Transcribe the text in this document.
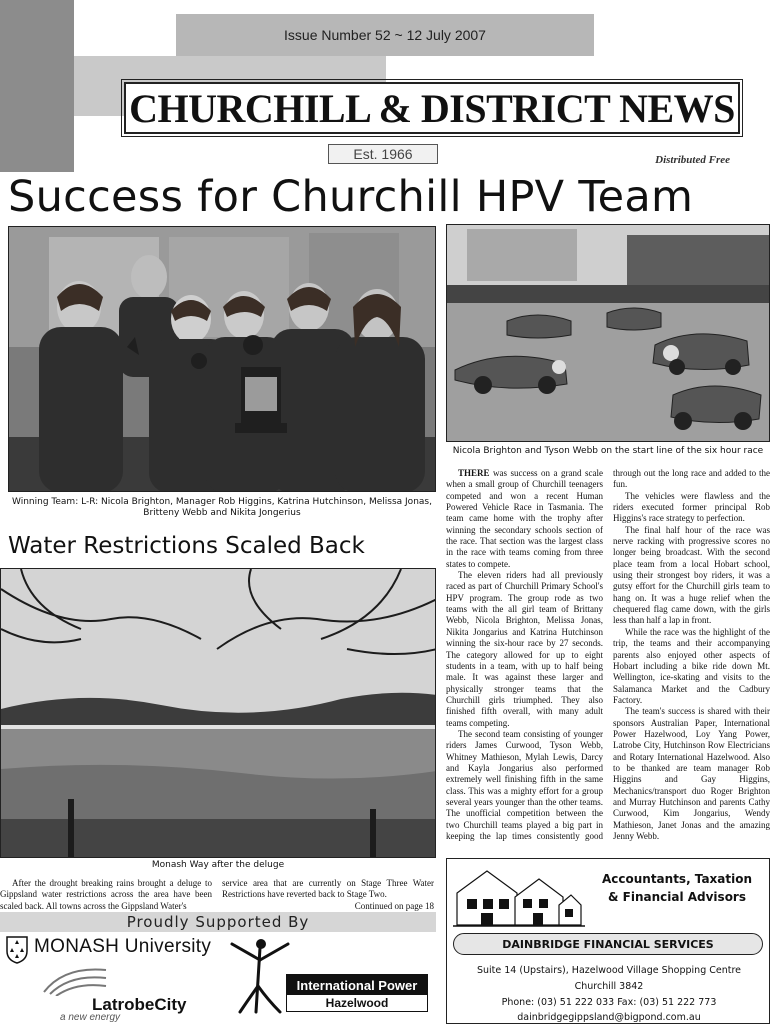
Issue Number 52 ~ 12 July 2007
CHURCHILL & DISTRICT NEWS
Est. 1966	Distributed Free
Success for Churchill HPV Team
Winning Team: L-R: Nicola Brighton, Manager Rob Higgins, Katrina Hutchinson, Melissa Jonas, Britteny Webb and Nikita Jongerius
Nicola Brighton and Tyson Webb on the start line of the six hour race

THERE was success on a grand scale when a small group of Churchill teenagers competed and won a recent Human Powered Vehicle Race in Tasmania. The team came home with the trophy after winning the secondary schools section of the race. That section was the largest class in the race with teams coming from three states to compete.

The eleven riders had all previously raced as part of Churchill Primary School's HPV program. The group rode as two teams with the all girl team of Brittany Webb, Nicola Brighton, Melissa Jonas, Nikita Jongarius and Katrina Hutchinson winning the six-hour race by 27 seconds. The category allowed for up to eight students in a team, with up to half being male. It was against these larger and physically stronger teams that the Churchill girls triumphed. They also finished fifth overall, with many adult teams competing.

The second team consisting of younger riders James Curwood, Tyson Webb, Whitney Mathieson, Mylah Lewis, Darcy and Kayla Jongarius also performed extremely well finishing fifth in the same class. This was a mighty effort for a group several years younger than the other teams. The unofficial competition between the two Churchill teams played a big part in keeping the lap times consistently good through out the long race and added to the fun.

The vehicles were flawless and the riders executed former principal Rob Higgins's race strategy to perfection.

The final half hour of the race was nerve racking with progressive scores no longer being broadcast. With the second place team from a local Hobart school, using their strongest boy riders, it was a gutsy effort for the Churchill girls team to hang on. It was a huge relief when the chequered flag came down, with the girls less than half a lap in front.

While the race was the highlight of the trip, the teams and their accompanying parents also enjoyed other aspects of Hobart including a bike ride down Mt. Wellington, ice-skating and visits to the Salamanca Market and the Cadbury Factory.

The team's success is shared with their sponsors Australian Paper, International Power Hazelwood, Loy Yang Power, Latrobe City, Hutchinson Row Electricians and Rotary International Hazelwood. Also to be thanked are team manager Rob Higgins and Gay Higgins, Mechanics/transport duo Roger Brighton and Murray Hutchinson and parents Cathy Curwood, Kim Jongarius, Wendy Mathieson, Janet Jonas and the amazing Jenny Webb.

Water Restrictions Scaled Back
Monash Way after the deluge

After the drought breaking rains brought a deluge to Gippsland water restrictions across the area have been scaled back. All towns across the Gippsland Water's

service area that are currently on Stage Three Water Restrictions have reverted back to Stage Two.

Continued on page 18

Proudly Supported By
MONASH University
LatrobeCity
a new energy
International Power
Hazelwood
Accountants, Taxation
& Financial Advisors
DAINBRIDGE FINANCIAL SERVICES
Suite 14 (Upstairs), Hazelwood Village Shopping Centre
Churchill 3842
Phone: (03) 51 222 033 Fax: (03) 51 222 773
dainbridgegippsland@bigpond.com.au
